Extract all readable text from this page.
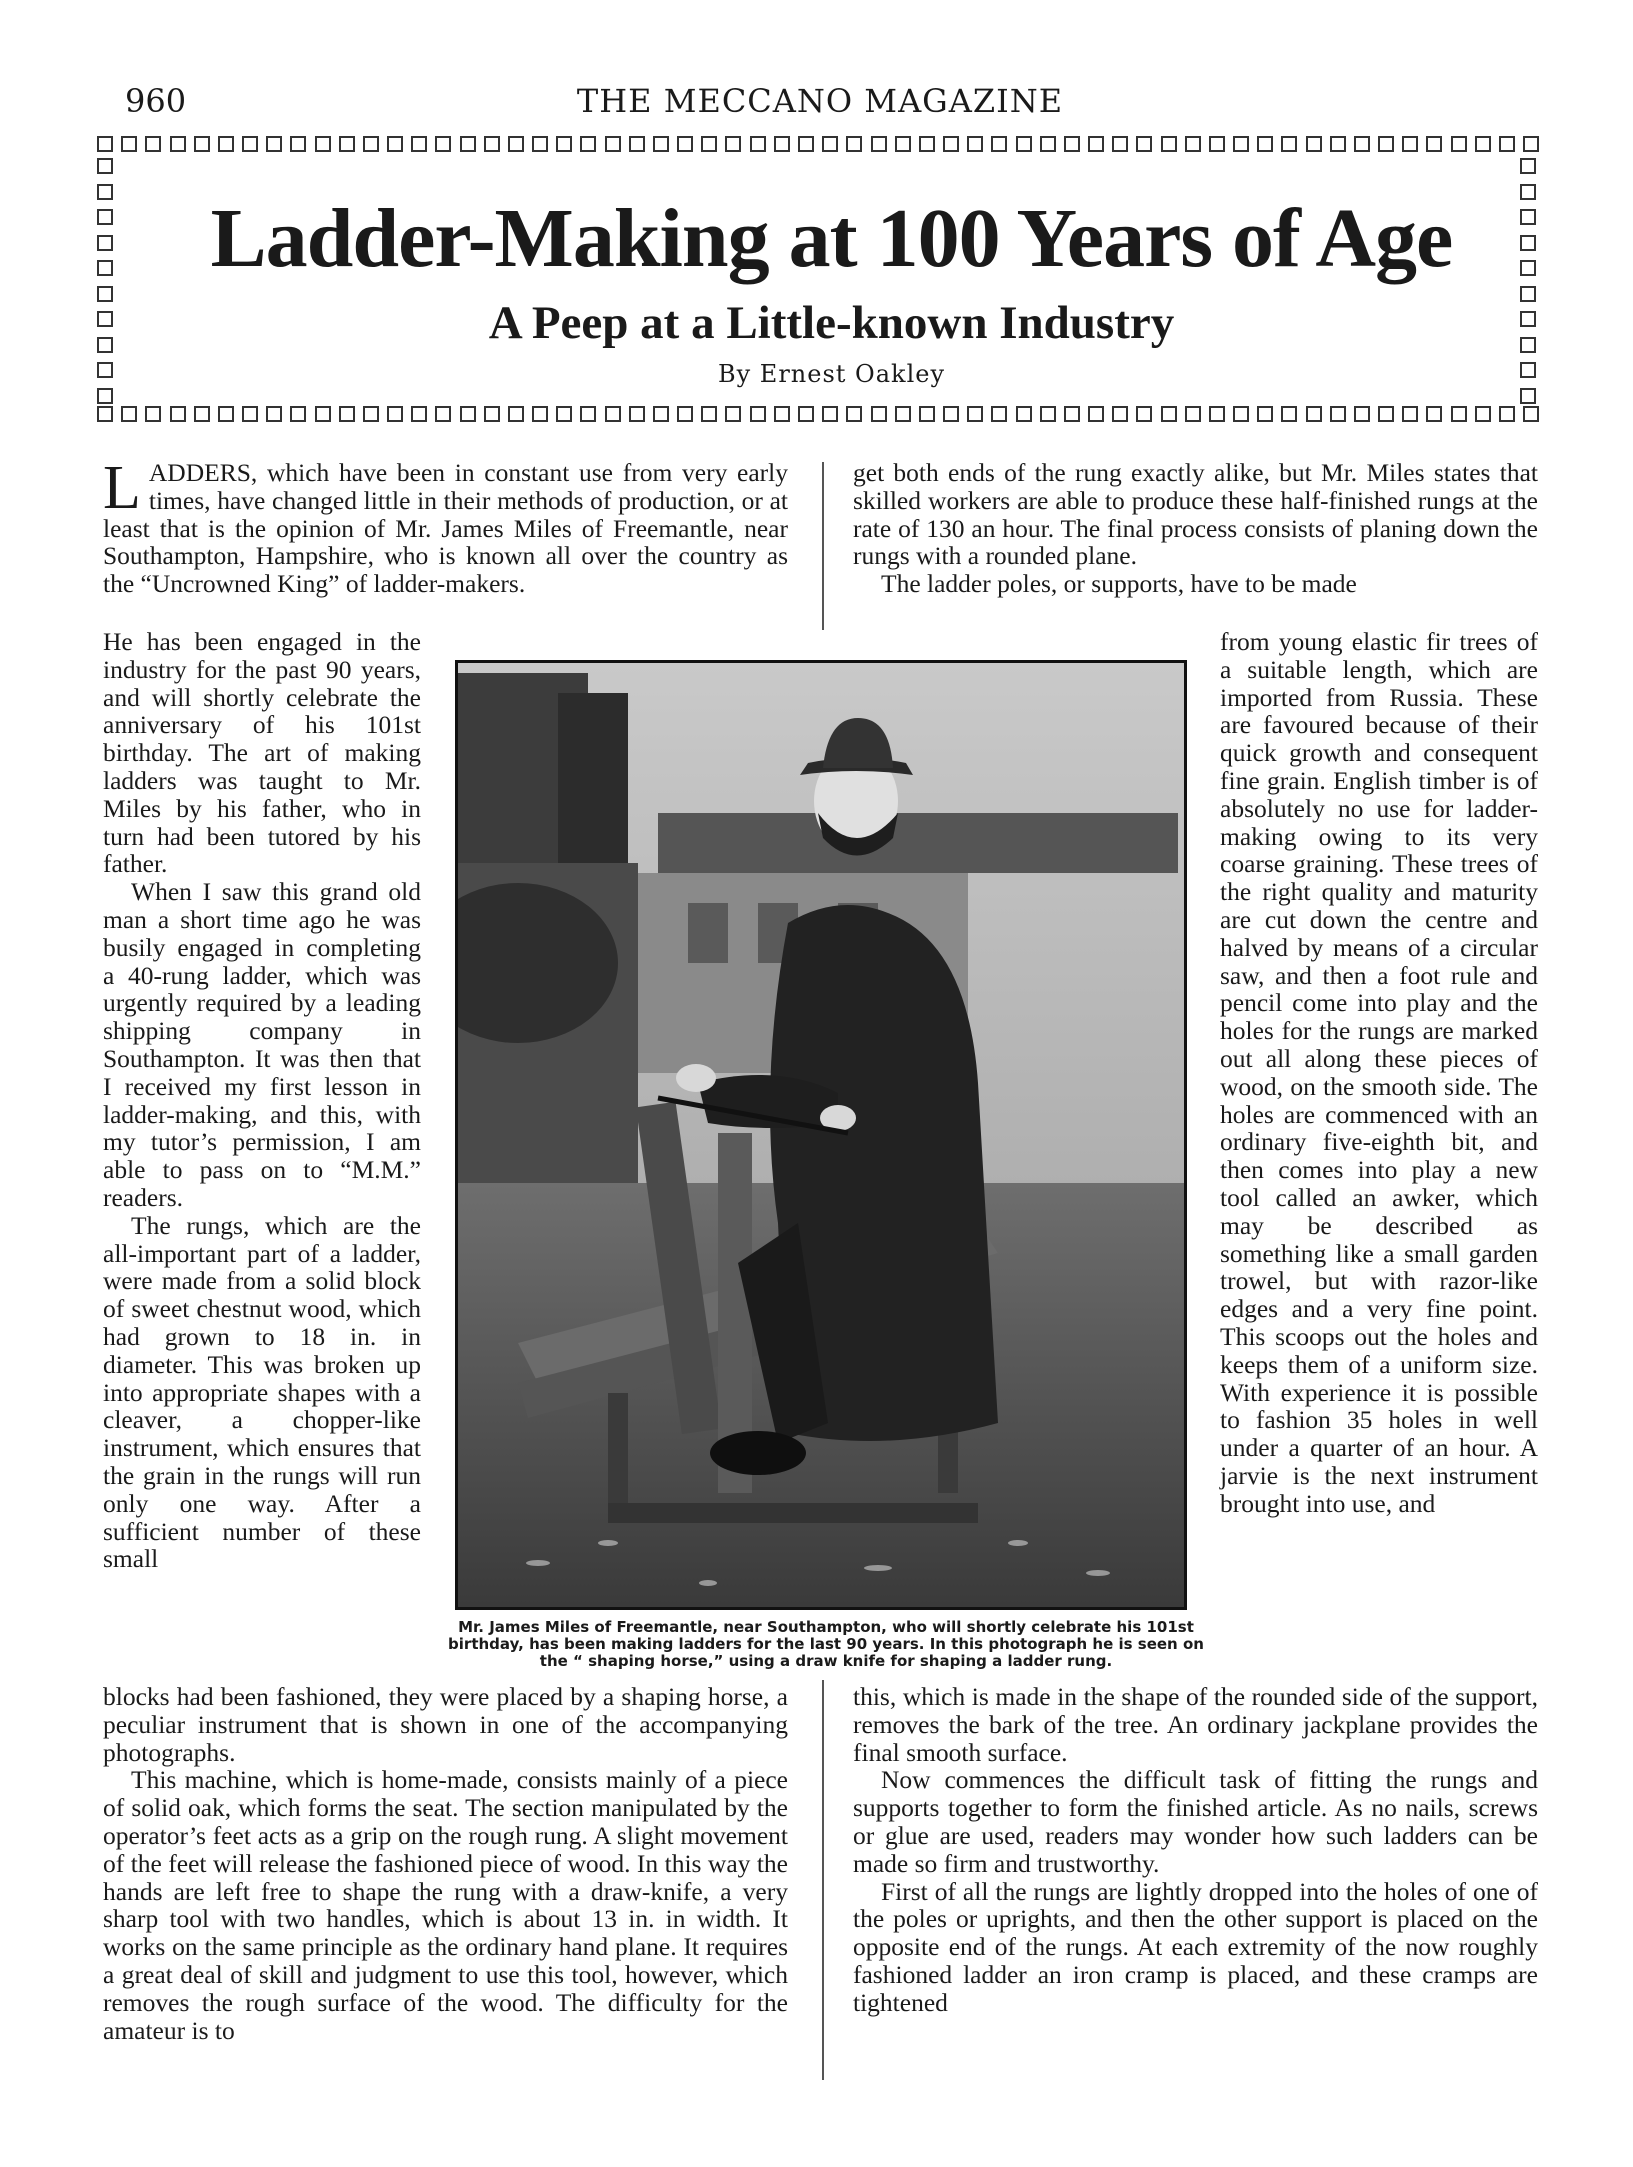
960	THE MECCANO MAGAZINE
Ladder-Making at 100 Years of Age
A Peep at a Little-known Industry
By Ernest Oakley
LADDERS, which have been in constant use from very early times, have changed little in their methods of production, or at least that is the opinion of Mr. James Miles of Freemantle, near Southampton, Hampshire, who is known all over the country as the “Uncrowned King” of ladder-makers.

He has been engaged in the industry for the past 90 years, and will shortly celebrate the anniversary of his 101st birthday. The art of making ladders was taught to Mr. Miles by his father, who in turn had been tutored by his father.

When I saw this grand old man a short time ago he was busily engaged in completing a 40-rung ladder, which was urgently required by a leading shipping company in Southampton. It was then that I received my first lesson in ladder-making, and this, with my tutor’s permission, I am able to pass on to “M.M.” readers.

The rungs, which are the all-important part of a ladder, were made from a solid block of sweet chestnut wood, which had grown to 18 in. in diameter. This was broken up into appropriate shapes with a cleaver, a chopper-like instrument, which ensures that the grain in the rungs will run only one way. After a sufficient number of these small

blocks had been fashioned, they were placed by a shaping horse, a peculiar instrument that is shown in one of the accompanying photographs.

This machine, which is home-made, consists mainly of a piece of solid oak, which forms the seat. The section manipulated by the operator’s feet acts as a grip on the rough rung. A slight movement of the feet will release the fashioned piece of wood. In this way the hands are left free to shape the rung with a draw-knife, a very sharp tool with two handles, which is about 13 in. in width. It works on the same principle as the ordinary hand plane. It requires a great deal of skill and judgment to use this tool, however, which removes the rough surface of the wood. The difficulty for the amateur is to

get both ends of the rung exactly alike, but Mr. Miles states that skilled workers are able to produce these half-finished rungs at the rate of 130 an hour. The final process consists of planing down the rungs with a rounded plane.

The ladder poles, or supports, have to be made

from young elastic fir trees of a suitable length, which are imported from Russia. These are favoured because of their quick growth and consequent fine grain. English timber is of absolutely no use for ladder-making owing to its very coarse graining. These trees of the right quality and maturity are cut down the centre and halved by means of a circular saw, and then a foot rule and pencil come into play and the holes for the rungs are marked out all along these pieces of wood, on the smooth side. The holes are commenced with an ordinary five-eighth bit, and then comes into play a new tool called an awker, which may be described as something like a small garden trowel, but with razor-like edges and a very fine point. This scoops out the holes and keeps them of a uniform size. With experience it is possible to fashion 35 holes in well under a quarter of an hour. A jarvie is the next instrument brought into use, and

this, which is made in the shape of the rounded side of the support, removes the bark of the tree. An ordinary jackplane provides the final smooth surface.

Now commences the difficult task of fitting the rungs and supports together to form the finished article. As no nails, screws or glue are used, readers may wonder how such ladders can be made so firm and trustworthy.

First of all the rungs are lightly dropped into the holes of one of the poles or uprights, and then the other support is placed on the opposite end of the rungs. At each extremity of the now roughly fashioned ladder an iron cramp is placed, and these cramps are tightened

Mr. James Miles of Freemantle, near Southampton, who will shortly celebrate his 101st birthday, has been making ladders for the last 90 years. In this photograph he is seen on the “ shaping horse,” using a draw knife for shaping a ladder rung.
